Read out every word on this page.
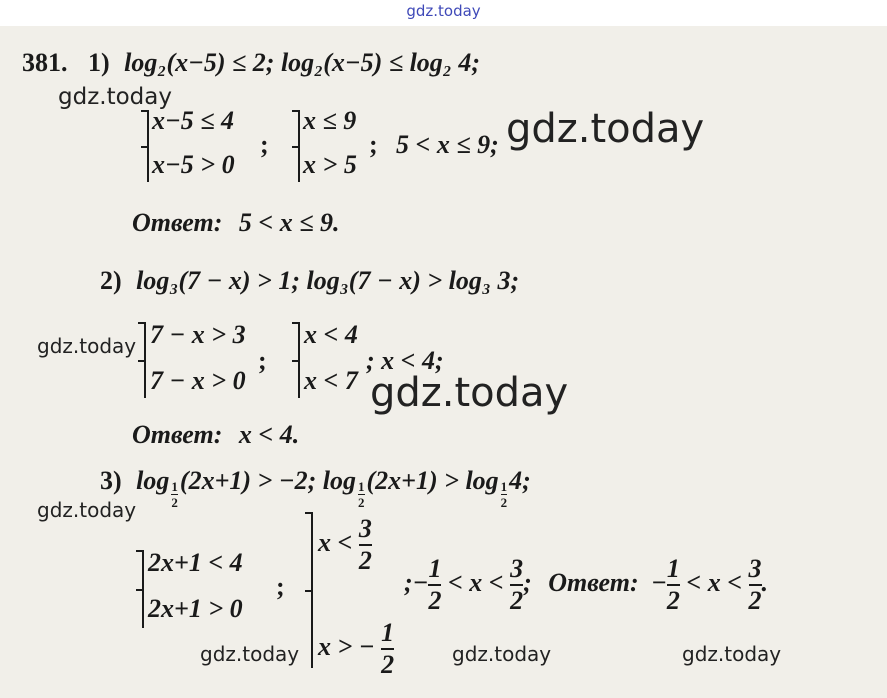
gdz.today
381. 1) log₂(x−5) ≤ 2; log₂(x−5) ≤ log₂ 4;
gdz.today
x−5 ≤ 4
x−5 > 0
;
x ≤ 9
x > 5
; 5 < x ≤ 9; gdz.today
Ответ: 5 < x ≤ 9.
2) log₃(7 − x) > 1; log₃(7 − x) > log₃ 3;
gdz.today 7 − x > 3
7 − x > 0
;
x < 4
x < 7
; x < 4;
gdz.today
Ответ: x < 4.
3) $\log \frac{1}{2}(2x+1) > -2$; $\log \frac{1}{2}(2x+1) > \log \frac{1}{2}4$;
gdz.today
2x+1 < 4
2x+1 > 0
;
$x < \frac{3}{2}$
x > − $\frac{1}{2}$
;− $\frac{1}{2} < x < \frac{3}{2}$ ; Ответ: − $\frac{1}{2} < x < \frac{3}{2}$ .
gdz.today	gdz.today	gdz.today
